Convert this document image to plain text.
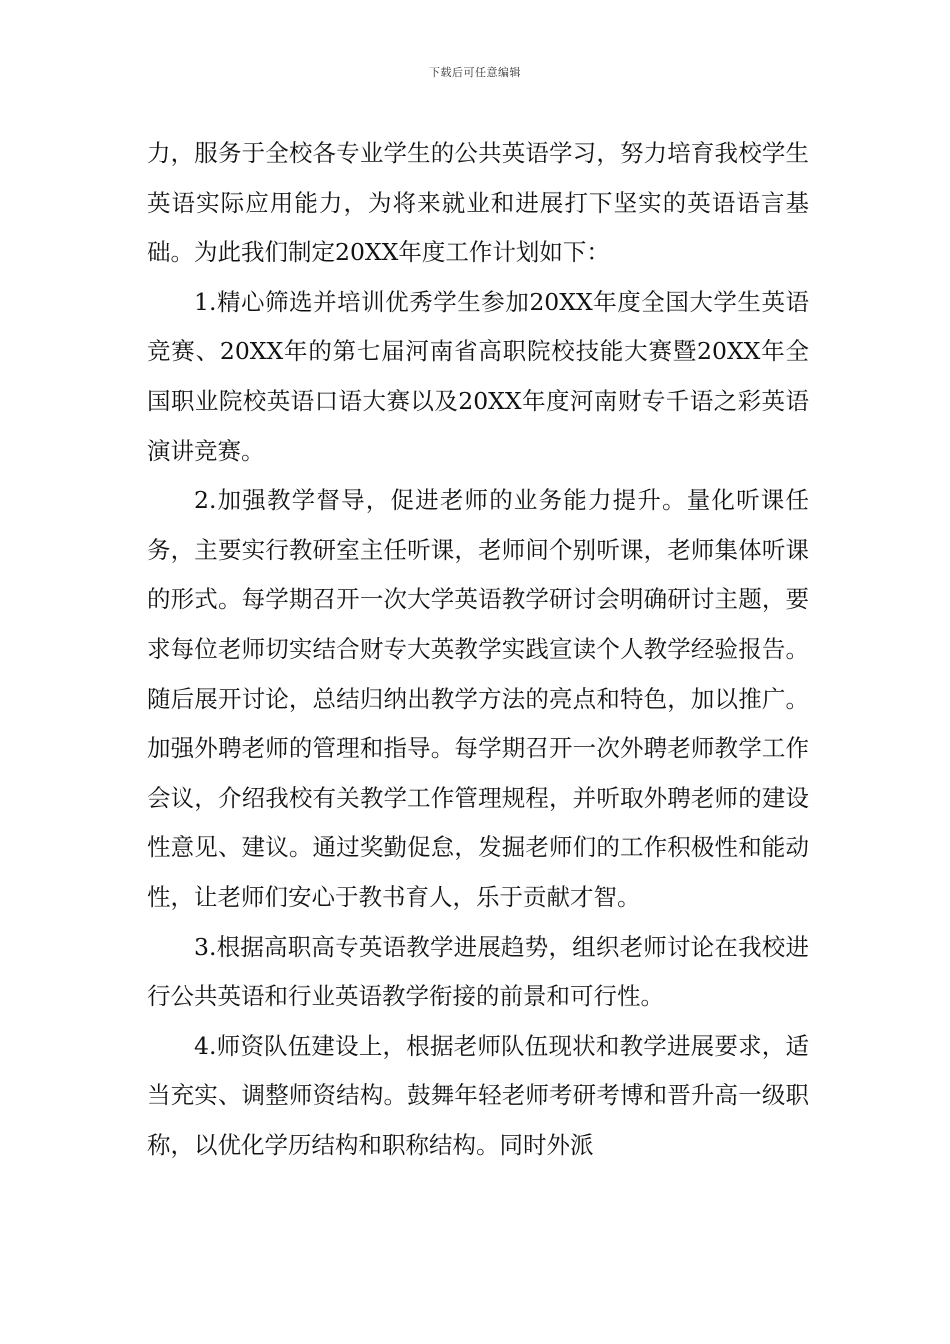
下载后可任意编辑

力，服务于全校各专业学生的公共英语学习，努力培育我校学生英语实际应用能力，为将来就业和进展打下坚实的英语语言基础。为此我们制定20XX年度工作计划如下：

1.精心筛选并培训优秀学生参加20XX年度全国大学生英语竞赛、20XX年的第七届河南省高职院校技能大赛暨20XX年全国职业院校英语口语大赛以及20XX年度河南财专千语之彩英语演讲竞赛。

2.加强教学督导，促进老师的业务能力提升。量化听课任务，主要实行教研室主任听课，老师间个别听课，老师集体听课的形式。每学期召开一次大学英语教学研讨会明确研讨主题，要求每位老师切实结合财专大英教学实践宣读个人教学经验报告。随后展开讨论，总结归纳出教学方法的亮点和特色，加以推广。加强外聘老师的管理和指导。每学期召开一次外聘老师教学工作会议，介绍我校有关教学工作管理规程，并听取外聘老师的建设性意见、建议。通过奖勤促怠，发掘老师们的工作积极性和能动性，让老师们安心于教书育人，乐于贡献才智。

3.根据高职高专英语教学进展趋势，组织老师讨论在我校进行公共英语和行业英语教学衔接的前景和可行性。

4.师资队伍建设上，根据老师队伍现状和教学进展要求，适当充实、调整师资结构。鼓舞年轻老师考研考博和晋升高一级职称，以优化学历结构和职称结构。同时外派
